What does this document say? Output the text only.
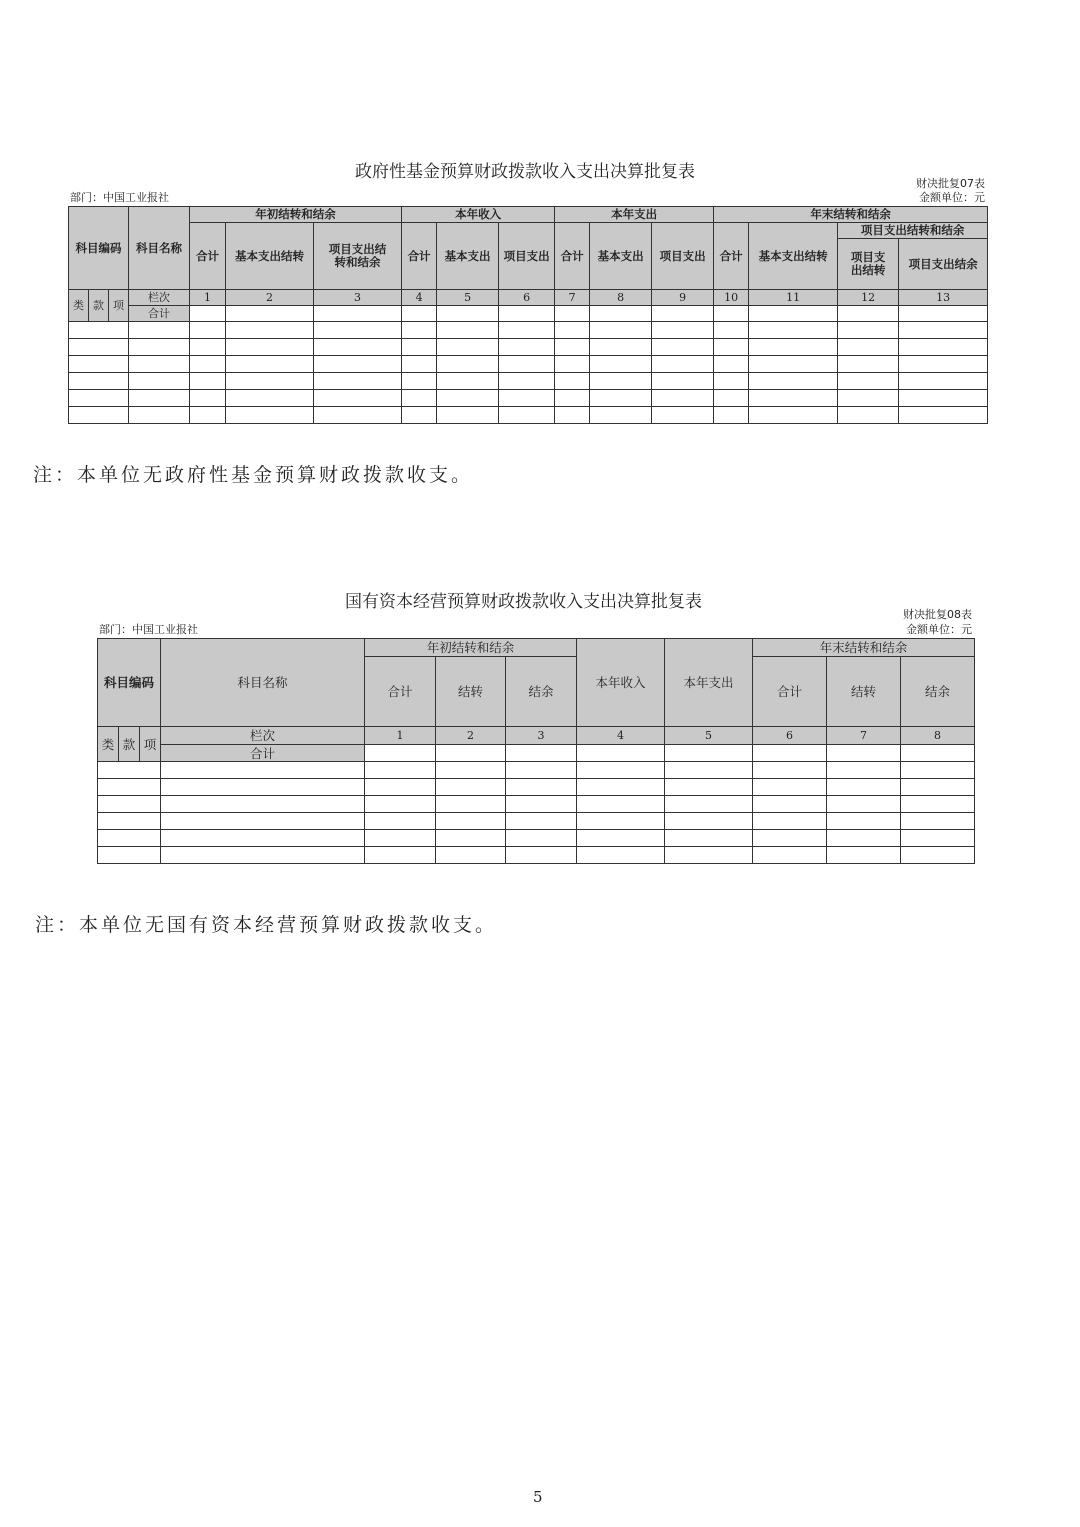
政府性基金预算财政拨款收入支出决算批复表
财决批复07表
金额单位：元
部门：中国工业报社
科目编码			科目名称	年初结转和结余			本年收入			本年支出			年末结转和结余			
				合计	基本支出结转	项目支出结转和结余	合计	基本支出	项目支出	合计	基本支出	项目支出	合计	基本支出结转	项目支出结转和结余	
															项目支出结转	项目支出结余
类	款	项	栏次	1	2	3	4	5	6	7	8	9	10	11	12	13
			合计													

注：本单位无政府性基金预算财政拨款收支。
国有资本经营预算财政拨款收入支出决算批复表
财决批复08表
金额单位：元
部门：中国工业报社
科目编码			科目名称	年初结转和结余			本年收入	本年支出	年末结转和结余		
				合计	结转	结余			合计	结转	结余
类	款	项	栏次	1	2	3	4	5	6	7	8
			合计								

注：本单位无国有资本经营预算财政拨款收支。
5
